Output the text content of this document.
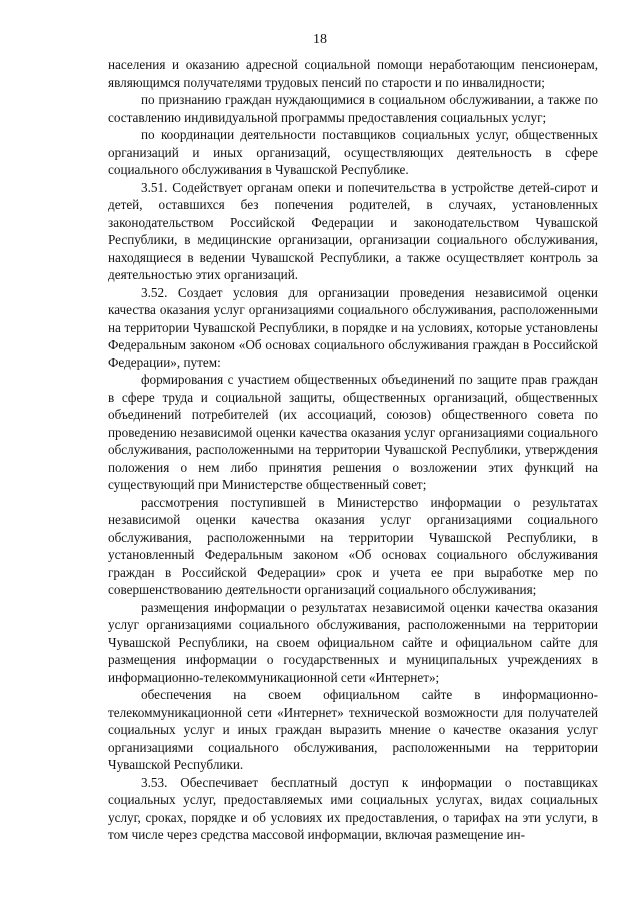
18

населения и оказанию адресной социальной помощи неработающим пенсионерам, являющимся получателями трудовых пенсий по старости и по инвалидности;

по признанию граждан нуждающимися в социальном обслуживании, а также по составлению индивидуальной программы предоставления социальных услуг;

по координации деятельности поставщиков социальных услуг, общественных организаций и иных организаций, осуществляющих деятельность в сфере социального обслуживания в Чувашской Республике.

3.51. Содействует органам опеки и попечительства в устройстве детей-сирот и детей, оставшихся без попечения родителей, в случаях, установленных законодательством Российской Федерации и законодательством Чувашской Республики, в медицинские организации, организации социального обслуживания, находящиеся в ведении Чувашской Республики, а также осуществляет контроль за деятельностью этих организаций.

3.52. Создает условия для организации проведения независимой оценки качества оказания услуг организациями социального обслуживания, расположенными на территории Чувашской Республики, в порядке и на условиях, которые установлены Федеральным законом «Об основах социального обслуживания граждан в Российской Федерации», путем:

формирования с участием общественных объединений по защите прав граждан в сфере труда и социальной защиты, общественных организаций, общественных объединений потребителей (их ассоциаций, союзов) общественного совета по проведению независимой оценки качества оказания услуг организациями социального обслуживания, расположенными на территории Чувашской Республики, утверждения положения о нем либо принятия решения о возложении этих функций на существующий при Министерстве общественный совет;

рассмотрения поступившей в Министерство информации о результатах независимой оценки качества оказания услуг организациями социального обслуживания, расположенными на территории Чувашской Республики, в установленный Федеральным законом «Об основах социального обслуживания граждан в Российской Федерации» срок и учета ее при выработке мер по совершенствованию деятельности организаций социального обслуживания;

размещения информации о результатах независимой оценки качества оказания услуг организациями социального обслуживания, расположенными на территории Чувашской Республики, на своем официальном сайте и официальном сайте для размещения информации о государственных и муниципальных учреждениях в информационно-телекоммуникационной сети «Интернет»;

обеспечения на своем официальном сайте в информационно-телекоммуникационной сети «Интернет» технической возможности для получателей социальных услуг и иных граждан выразить мнение о качестве оказания услуг организациями социального обслуживания, расположенными на территории Чувашской Республики.

3.53. Обеспечивает бесплатный доступ к информации о поставщиках социальных услуг, предоставляемых ими социальных услугах, видах социальных услуг, сроках, порядке и об условиях их предоставления, о тарифах на эти услуги, в том числе через средства массовой информации, включая размещение ин-
